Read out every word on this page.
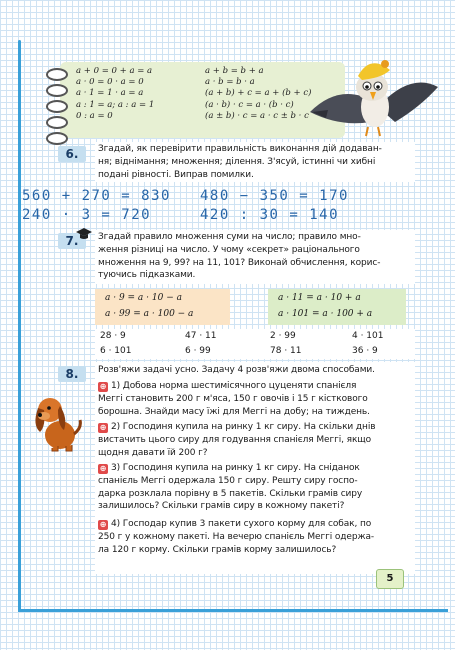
a + 0 = 0 + a = a
a · 0 = 0 · a = 0
a · 1 = 1 · a = a
a : 1 = a; a : a = 1
0 : a = 0
a + b = b + a
a · b = b · a
(a + b) + c = a + (b + c)
(a · b) · c = a · (b · c)
(a ± b) · c = a · c ± b · c
6.	Згадай, як перевірити правильність виконання дій додаван-
ня; віднімання; множення; ділення. З'ясуй, істинні чи хибні
подані рівності. Виправ помилки.
560 + 270 = 830 480 − 350 = 170
240 · 3 = 720	420 : 30 = 140
7.	Згадай правило множення суми на число; правило мно-
ження різниці на число. У чому «секрет» раціонального
множення на 9, 99? на 11, 101? Виконай обчислення, корис-
туючись підказками.
a · 9 = a · 10 − a
a · 99 = a · 100 − a
a · 11 = a · 10 + a
a · 101 = a · 100 + a
28 · 9	47 · 11	2 · 99	4 · 101
6 · 101	6 · 99	78 · 11	36 · 9
8.	Розв'яжи задачі усно. Задачу 4 розв'яжи двома способами.
⊕ 1) Добова норма шестимісячного цуценяти спанієля
Меггі становить 200 г м'яса, 150 г овочів і 15 г кісткового
борошна. Знайди масу їжі для Меггі на добу; на тиждень.
⊕ 2) Господиня купила на ринку 1 кг сиру. На скільки днів
вистачить цього сиру для годування спанієля Меггі, якщо
щодня давати їй 200 г?
⊕ 3) Господиня купила на ринку 1 кг сиру. На сніданок
спанієль Меггі одержала 150 г сиру. Решту сиру госпо-
дарка розклала порівну в 5 пакетів. Скільки грамів сиру
залишилось? Скільки грамів сиру в кожному пакеті?
⊕ 4) Господар купив 3 пакети сухого корму для собак, по
250 г у кожному пакеті. На вечерю спанієль Меггі одержа-
ла 120 г корму. Скільки грамів корму залишилось?
5
